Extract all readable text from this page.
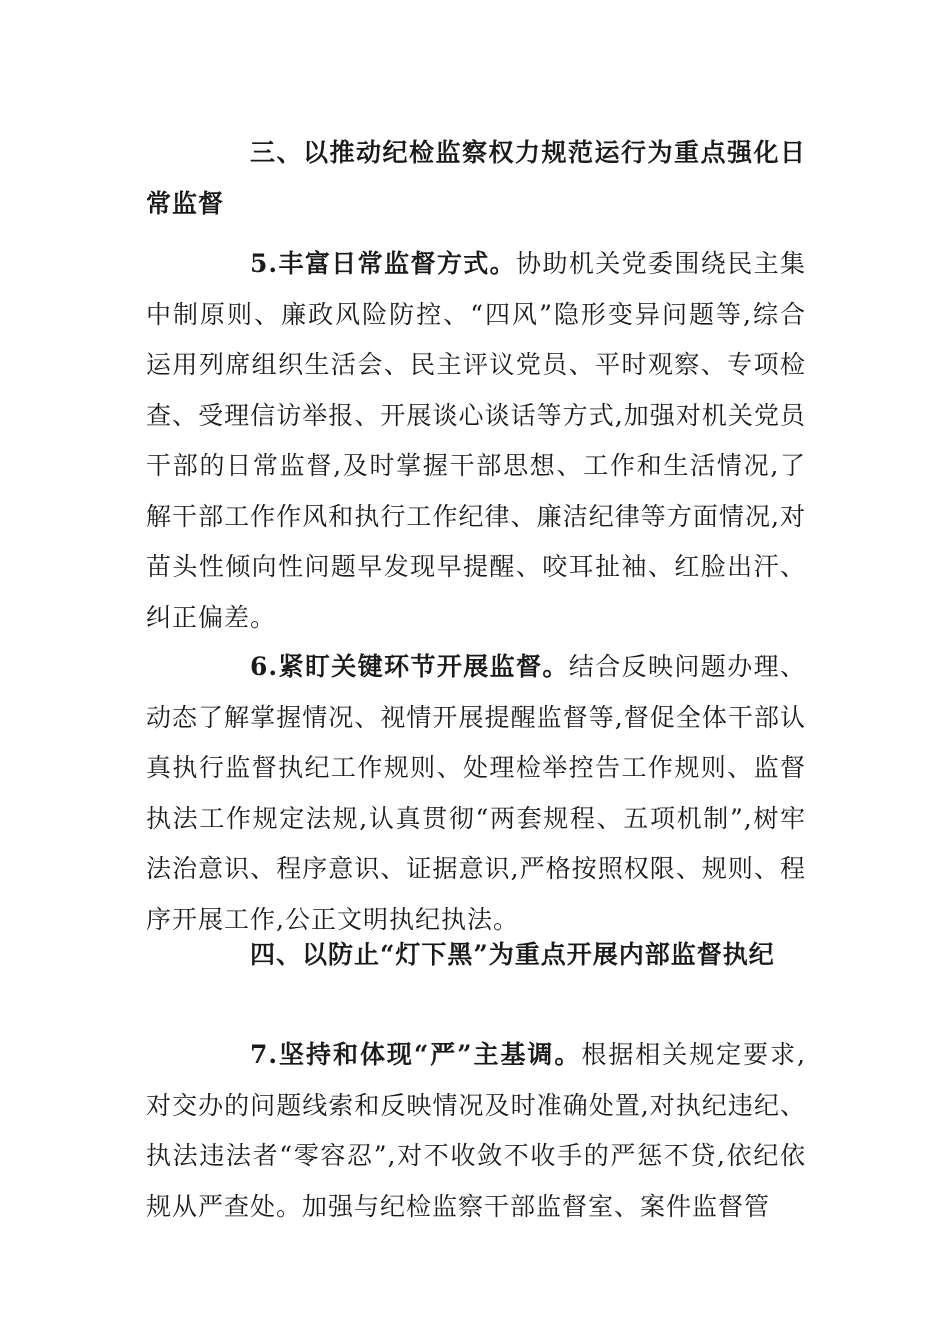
三、以推动纪检监察权力规范运行为重点强化日常监督

5.丰富日常监督方式。协助机关党委围绕民主集中制原则、廉政风险防控、“四风”隐形变异问题等,综合运用列席组织生活会、民主评议党员、平时观察、专项检查、受理信访举报、开展谈心谈话等方式,加强对机关党员干部的日常监督,及时掌握干部思想、工作和生活情况,了解干部工作作风和执行工作纪律、廉洁纪律等方面情况,对苗头性倾向性问题早发现早提醒、咬耳扯袖、红脸出汗、纠正偏差。

6.紧盯关键环节开展监督。结合反映问题办理、动态了解掌握情况、视情开展提醒监督等,督促全体干部认真执行监督执纪工作规则、处理检举控告工作规则、监督执法工作规定法规,认真贯彻“两套规程、五项机制”,树牢法治意识、程序意识、证据意识,严格按照权限、规则、程序开展工作,公正文明执纪执法。

四、以防止“灯下黑”为重点开展内部监督执纪

7.坚持和体现“严”主基调。根据相关规定要求,对交办的问题线索和反映情况及时准确处置,对执纪违纪、执法违法者“零容忍”,对不收敛不收手的严惩不贷,依纪依规从严查处。加强与纪检监察干部监督室、案件监督管
